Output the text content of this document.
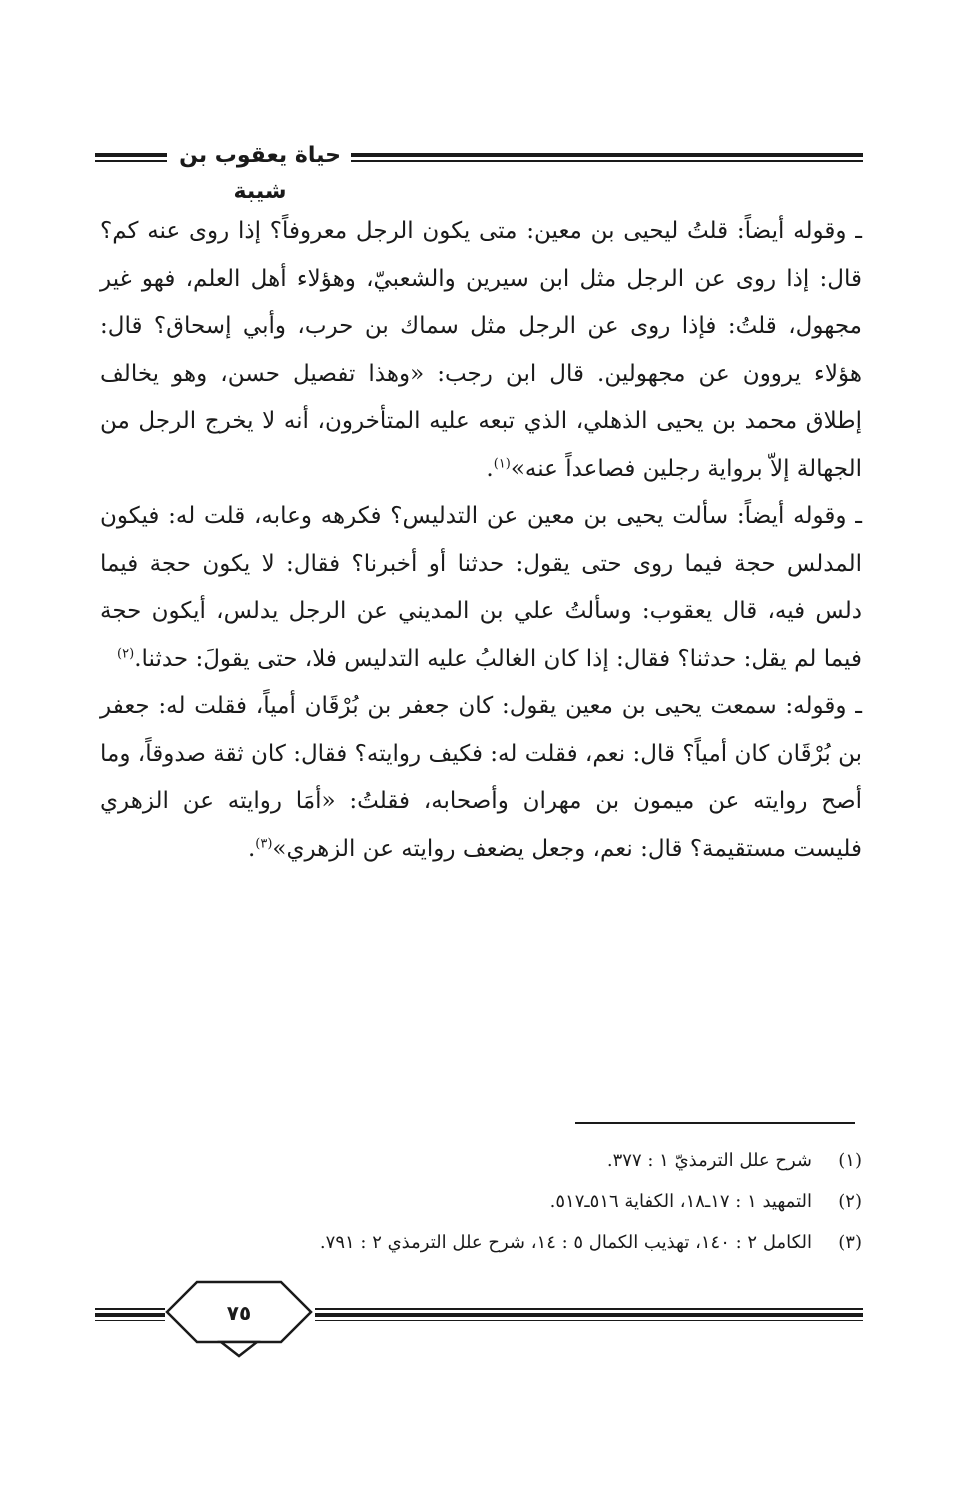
حياة يعقوب بن شيبة

ـ وقوله أيضاً: قلتُ ليحيى بن معين: متى يكون الرجل معروفاً؟ إذا روى عنه كم؟ قال: إذا روى عن الرجل مثل ابن سيرين والشعبيّ، وهؤلاء أهل العلم، فهو غير مجهول، قلتُ: فإذا روى عن الرجل مثل سماك بن حرب، وأبي إسحاق؟ قال: هؤلاء يروون عن مجهولين. قال ابن رجب: «وهذا تفصيل حسن، وهو يخالف إطلاق محمد بن يحيى الذهلي، الذي تبعه عليه المتأخرون، أنه لا يخرج الرجل من الجهالة إلاّ برواية رجلين فصاعداً عنه»$^{(١)}$.

ـ وقوله أيضاً: سألت يحيى بن معين عن التدليس؟ فكرهه وعابه، قلت له: فيكون المدلس حجة فيما روى حتى يقول: حدثنا أو أخبرنا؟ فقال: لا يكون حجة فيما دلس فيه، قال يعقوب: وسألتُ علي بن المديني عن الرجل يدلس، أيكون حجة فيما لم يقل: حدثنا؟ فقال: إذا كان الغالبُ عليه التدليس فلا، حتى يقولَ: حدثنا.$^{(٢)}$

ـ وقوله: سمعت يحيى بن معين يقول: كان جعفر بن بُرْقَان أمياً، فقلت له: جعفر بن بُرْقَان كان أمياً؟ قال: نعم، فقلت له: فكيف روايته؟ فقال: كان ثقة صدوقاً، وما أصح روايته عن ميمون بن مهران وأصحابه، فقلتُ: «أمَا روايته عن الزهري فليست مستقيمة؟ قال: نعم، وجعل يضعف روايته عن الزهري»$^{(٣)}$.

(١)
شرح علل الترمذيّ ١ : ٣٧٧.
(٢)
التمهيد ١ : ١٧ـ١٨، الكفاية ٥١٦ـ٥١٧.
(٣)
الكامل ٢ : ١٤٠، تهذيب الكمال ٥ : ١٤، شرح علل الترمذي ٢ : ٧٩١.
٧٥
